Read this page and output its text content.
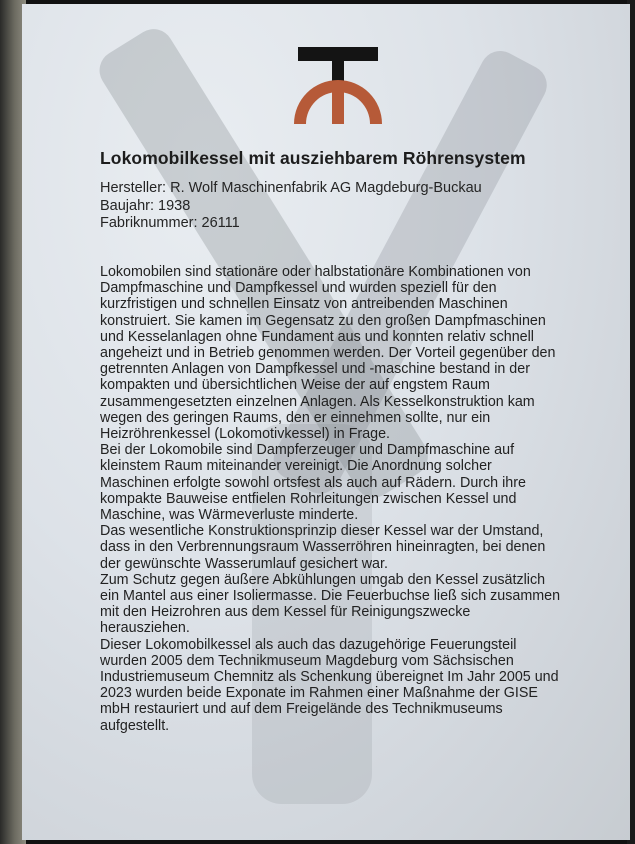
Lokomobilkessel mit ausziehbarem Röhrensystem
Hersteller: R. Wolf Maschinenfabrik AG Magdeburg-Buckau
Baujahr: 1938
Fabriknummer: 26111
Lokomobilen sind stationäre oder halbstationäre Kombinationen von
Dampfmaschine und Dampfkessel und wurden speziell für den
kurzfristigen und schnellen Einsatz von antreibenden Maschinen
konstruiert. Sie kamen im Gegensatz zu den großen Dampfmaschinen
und Kesselanlagen ohne Fundament aus und konnten relativ schnell
angeheizt und in Betrieb genommen werden. Der Vorteil gegenüber den
getrennten Anlagen von Dampfkessel und -maschine bestand in der
kompakten und übersichtlichen Weise der auf engstem Raum
zusammengesetzten einzelnen Anlagen. Als Kesselkonstruktion kam
wegen des geringen Raums, den er einnehmen sollte, nur ein
Heizröhrenkessel (Lokomotivkessel) in Frage.
Bei der Lokomobile sind Dampferzeuger und Dampfmaschine auf
kleinstem Raum miteinander vereinigt. Die Anordnung solcher
Maschinen erfolgte sowohl ortsfest als auch auf Rädern. Durch ihre
kompakte Bauweise entfielen Rohrleitungen zwischen Kessel und
Maschine, was Wärmeverluste minderte.
Das wesentliche Konstruktionsprinzip dieser Kessel war der Umstand,
dass in den Verbrennungsraum Wasserröhren hineinragten, bei denen
der gewünschte Wasserumlauf gesichert war.
Zum Schutz gegen äußere Abkühlungen umgab den Kessel zusätzlich
ein Mantel aus einer Isoliermasse. Die Feuerbuchse ließ sich zusammen
mit den Heizrohren aus dem Kessel für Reinigungszwecke
herausziehen.
Dieser Lokomobilkessel als auch das dazugehörige Feuerungsteil
wurden 2005 dem Technikmuseum Magdeburg vom Sächsischen
Industriemuseum Chemnitz als Schenkung übereignet Im Jahr 2005 und
2023 wurden beide Exponate im Rahmen einer Maßnahme der GISE
mbH restauriert und auf dem Freigelände des Technikmuseums
aufgestellt.
